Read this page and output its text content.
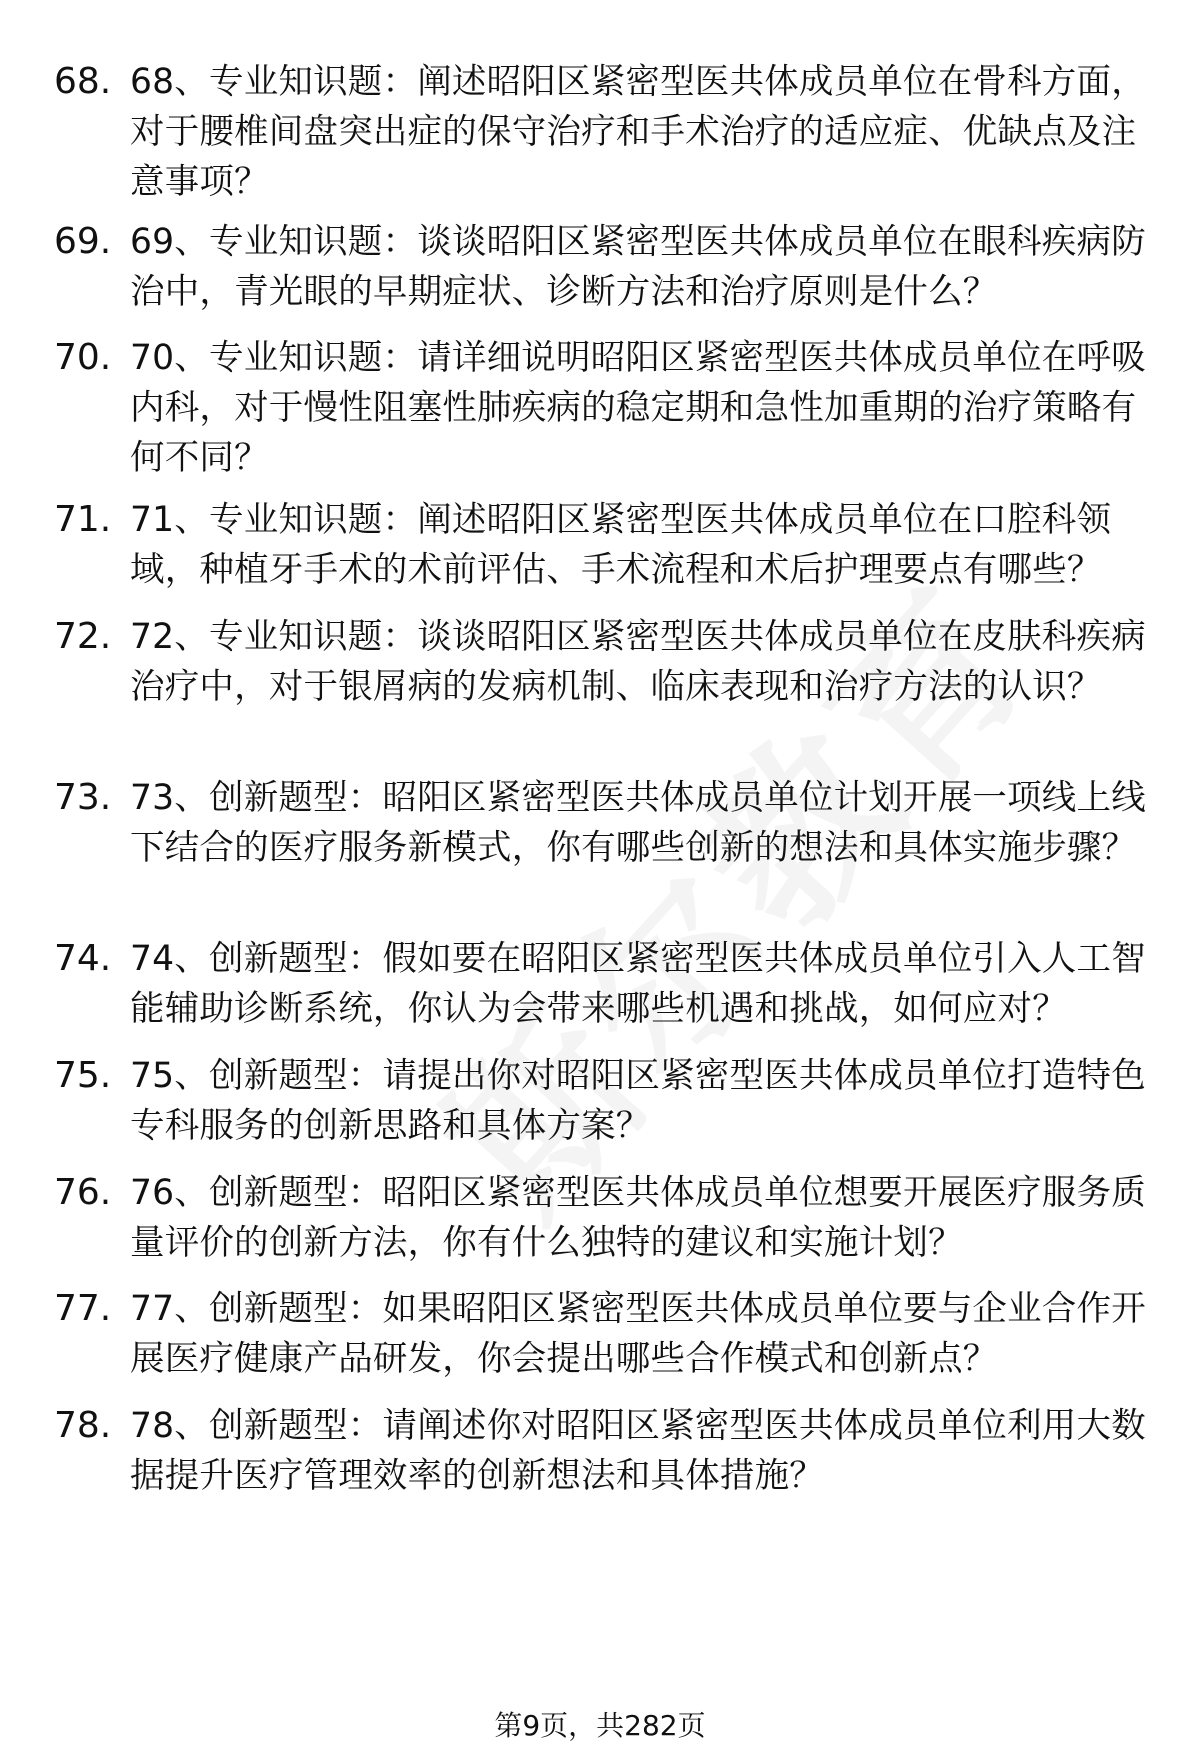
68. 68、专业知识题：阐述昭阳区紧密型医共体成员单位在骨科方面，对于腰椎间盘突出症的保守治疗和手术治疗的适应症、优缺点及注意事项？

69. 69、专业知识题：谈谈昭阳区紧密型医共体成员单位在眼科疾病防治中，青光眼的早期症状、诊断方法和治疗原则是什么？

70. 70、专业知识题：请详细说明昭阳区紧密型医共体成员单位在呼吸内科，对于慢性阻塞性肺疾病的稳定期和急性加重期的治疗策略有何不同？

71. 71、专业知识题：阐述昭阳区紧密型医共体成员单位在口腔科领域，种植牙手术的术前评估、手术流程和术后护理要点有哪些？

72. 72、专业知识题：谈谈昭阳区紧密型医共体成员单位在皮肤科疾病治疗中，对于银屑病的发病机制、临床表现和治疗方法的认识？

73. 73、创新题型：昭阳区紧密型医共体成员单位计划开展一项线上线下结合的医疗服务新模式，你有哪些创新的想法和具体实施步骤？

74. 74、创新题型：假如要在昭阳区紧密型医共体成员单位引入人工智能辅助诊断系统，你认为会带来哪些机遇和挑战，如何应对？

75. 75、创新题型：请提出你对昭阳区紧密型医共体成员单位打造特色专科服务的创新思路和具体方案？

76. 76、创新题型：昭阳区紧密型医共体成员单位想要开展医疗服务质量评价的创新方法，你有什么独特的建议和实施计划？

77. 77、创新题型：如果昭阳区紧密型医共体成员单位要与企业合作开展医疗健康产品研发，你会提出哪些合作模式和创新点？

78. 78、创新题型：请阐述你对昭阳区紧密型医共体成员单位利用大数据提升医疗管理效率的创新想法和具体措施？

第9页，共282页
